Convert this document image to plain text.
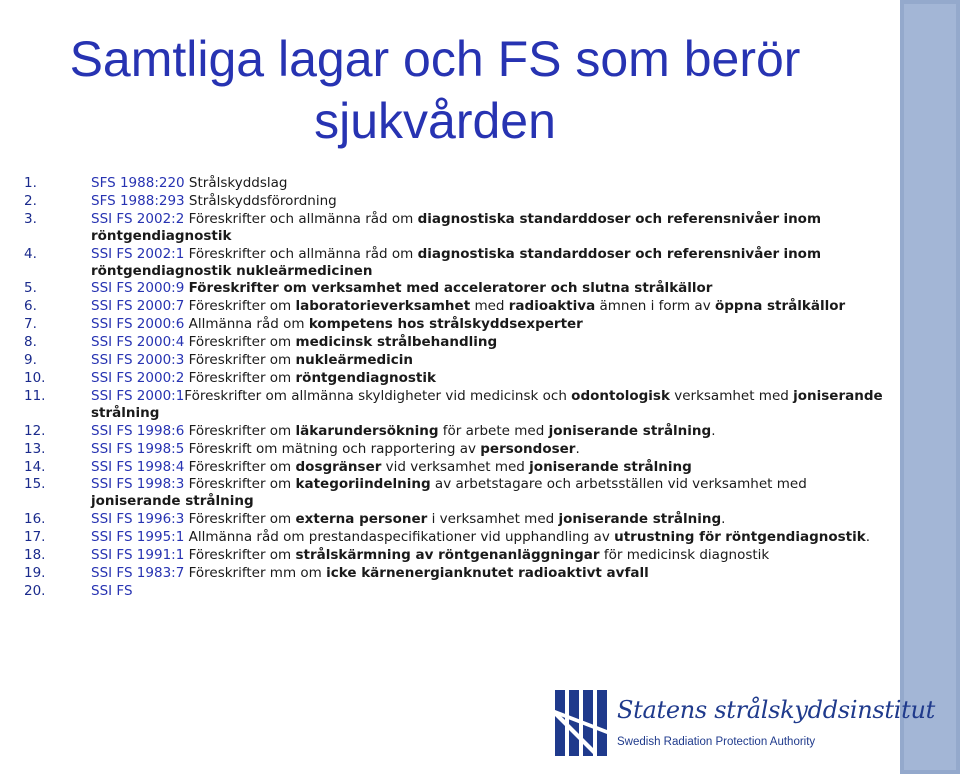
Samtliga lagar och FS som berör
sjukvården
1.	SFS 1988:220 Strålskyddslag
2.	SFS 1988:293 Strålskyddsförordning
3.	SSI FS 2002:2 Föreskrifter och allmänna råd om diagnostiska standarddoser och referensnivåer inom röntgendiagnostik
4.	SSI FS 2002:1 Föreskrifter och allmänna råd om diagnostiska standarddoser och referensnivåer inom röntgendiagnostik nukleärmedicinen
5.	SSI FS 2000:9 Föreskrifter om verksamhet med acceleratorer och slutna strålkällor
6.	SSI FS 2000:7 Föreskrifter om laboratorieverksamhet med radioaktiva ämnen i form av öppna strålkällor
7.	SSI FS 2000:6 Allmänna råd om kompetens hos strålskyddsexperter
8.	SSI FS 2000:4 Föreskrifter om medicinsk strålbehandling
9.	SSI FS 2000:3 Föreskrifter om nukleärmedicin
10.	SSI FS 2000:2 Föreskrifter om röntgendiagnostik
11.	SSI FS 2000:1Föreskrifter om allmänna skyldigheter vid medicinsk och odontologisk verksamhet med joniserande strålning
12.	SSI FS 1998:6 Föreskrifter om läkarundersökning för arbete med joniserande strålning.
13.	SSI FS 1998:5 Föreskrift om mätning och rapportering av persondoser.
14.	SSI FS 1998:4 Föreskrifter om dosgränser vid verksamhet med joniserande strålning
15.	SSI FS 1998:3 Föreskrifter om kategoriindelning av arbetstagare och arbetsställen vid verksamhet med joniserande strålning
16.	SSI FS 1996:3 Föreskrifter om externa personer i verksamhet med joniserande strålning.
17.	SSI FS 1995:1 Allmänna råd om prestandaspecifikationer vid upphandling av utrustning för röntgendiagnostik.
18.	SSI FS 1991:1 Föreskrifter om strålskärmning av röntgenanläggningar för medicinsk diagnostik
19.	SSI FS 1983:7 Föreskrifter mm om icke kärnenergianknutet radioaktivt avfall
20.	SSI FS
Statens strålskyddsinstitut
Swedish Radiation Protection Authority
